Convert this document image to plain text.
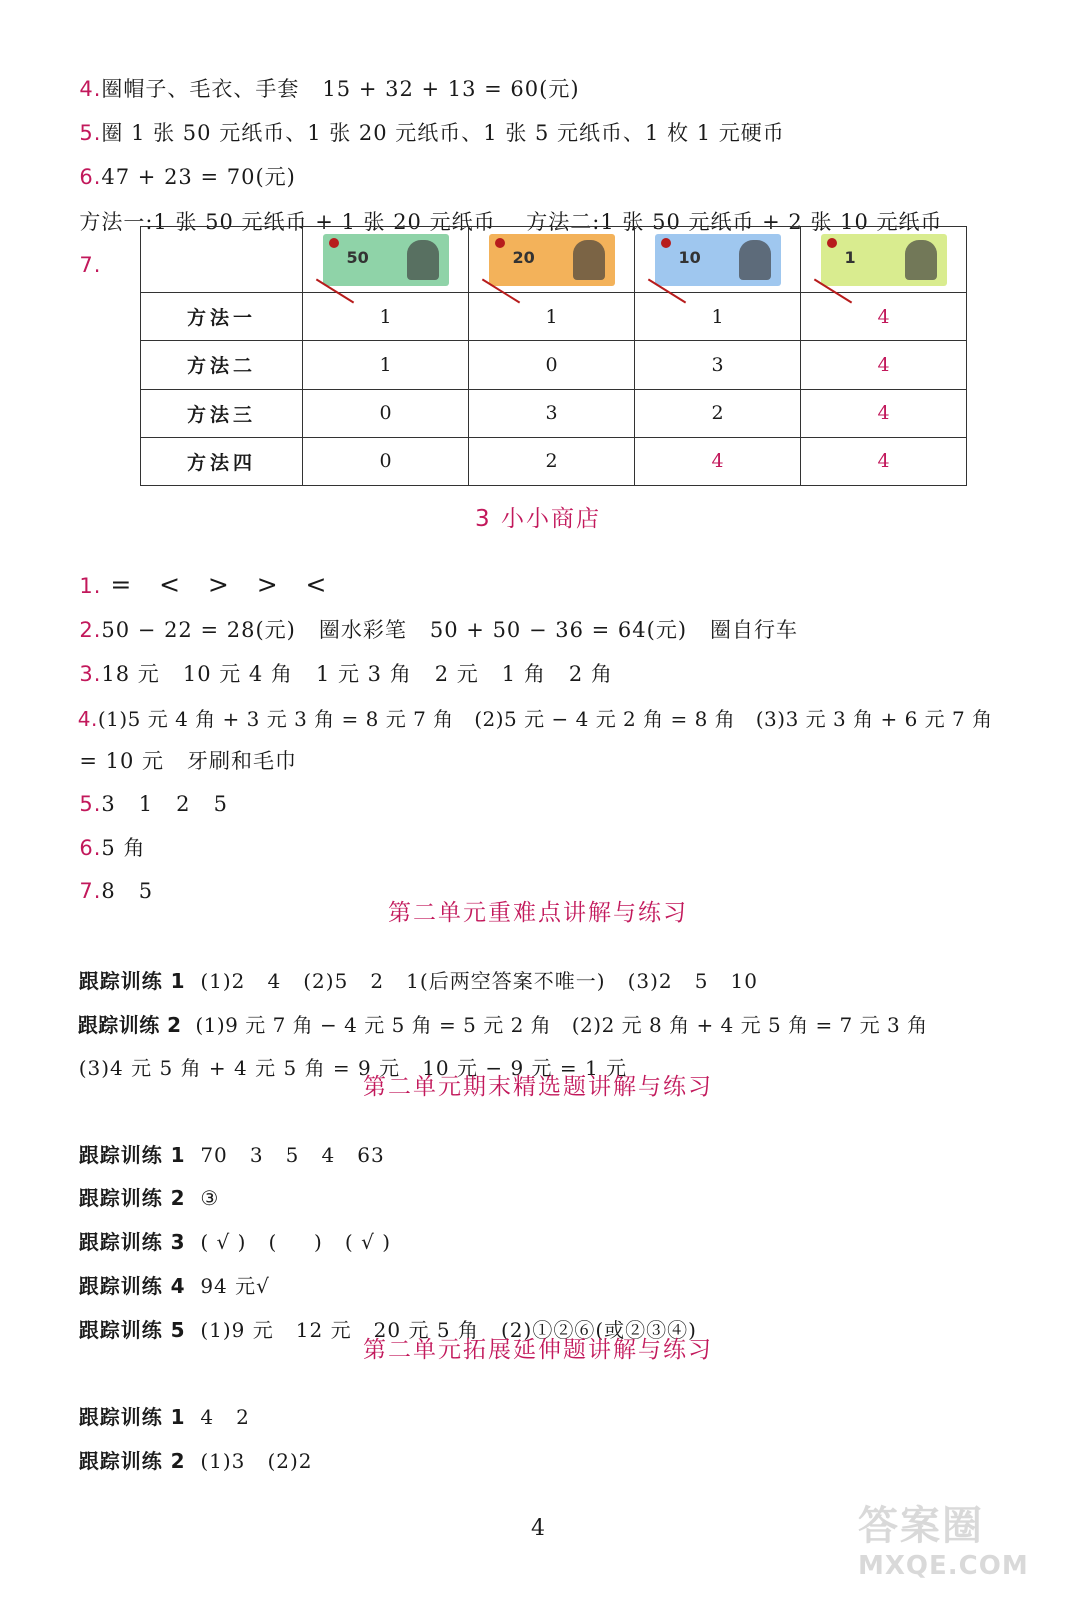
4.圈帽子、毛衣、手套   15 + 32 + 13 = 60(元)

5.圈 1 张 50 元纸币、1 张 20 元纸币、1 张 5 元纸币、1 枚 1 元硬币

6.47 + 23 = 70(元)

方法一:1 张 50 元纸币 + 1 张 20 元纸币    方法二:1 张 50 元纸币 + 2 张 10 元纸币

7.

	50	20	10	1

方法一	1	1	1	4
方法二	1	0	3	4
方法三	0	3	2	4
方法四	0	2	4	4
3 小小商店

1. =   <   >   >   <

2.50 − 22 = 28(元)   圈水彩笔   50 + 50 − 36 = 64(元)   圈自行车

3.18 元   10 元 4 角   1 元 3 角   2 元   1 角   2 角

4.(1)5 元 4 角 + 3 元 3 角 = 8 元 7 角   (2)5 元 − 4 元 2 角 = 8 角   (3)3 元 3 角 + 6 元 7 角

= 10 元   牙刷和毛巾

5.3   1   2   5

6.5 角

7.8   5

第二单元重难点讲解与练习

跟踪训练 1  (1)2   4   (2)5   2   1(后两空答案不唯一)   (3)2   5   10

跟踪训练 2  (1)9 元 7 角 − 4 元 5 角 = 5 元 2 角   (2)2 元 8 角 + 4 元 5 角 = 7 元 3 角

(3)4 元 5 角 + 4 元 5 角 = 9 元   10 元 − 9 元 = 1 元

第二单元期末精选题讲解与练习

跟踪训练 1  70   3   5   4   63

跟踪训练 2  ③

跟踪训练 3  ( √ )   (     )   ( √ )

跟踪训练 4  94 元√

跟踪训练 5  (1)9 元   12 元   20 元 5 角   (2)①②⑥(或②③④)

第二单元拓展延伸题讲解与练习

跟踪训练 1  4   2

跟踪训练 2  (1)3   (2)2

4	答案圈
MXQE.COM
